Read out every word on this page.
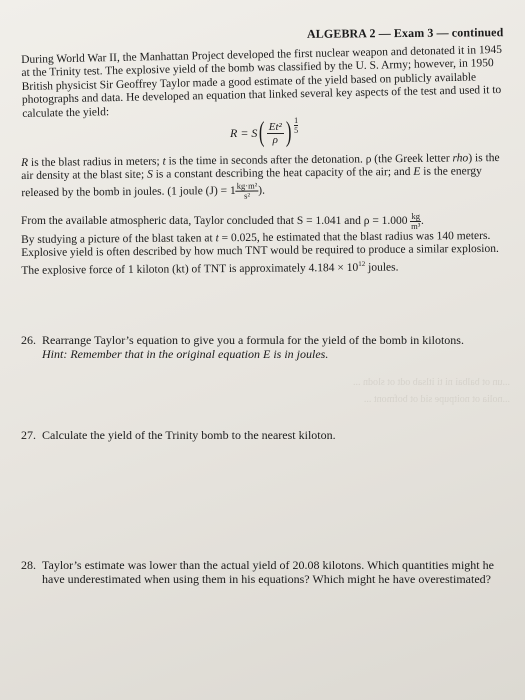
ALGEBRA 2 — Exam 3 — continued
During World War II, the Manhattan Project developed the first nuclear weapon and detonated it in 1945 at the Trinity test. The explosive yield of the bomb was classified by the U. S. Army; however, in 1950 British physicist Sir Geoffrey Taylor made a good estimate of the yield based on publicly available photographs and data. He developed an equation that linked several key aspects of the test and used it to calculate the yield:
R = S ( $\frac{\text{Et²}}{\rho}$ ) $\frac{1}{5}$
R is the blast radius in meters; t is the time in seconds after the detonation. ρ (the Greek letter rho) is the air density at the blast site; S is a constant describing the heat capacity of the air; and E is the energy released by the bomb in joules. (1 joule $(J) = 1 \frac{\text{kg·m²}}{\text{s²}}$ ).
From the available atmospheric data, Taylor concluded that S = 1.041 and $\rho = 1.000 \frac{kg}{\text{m³}}$ .
By studying a picture of the blast taken at t = 0.025, he estimated that the blast radius was 140 meters. Explosive yield is often described by how much TNT would be required to produce a similar explosion. The explosive force of 1 kiloton (kt) of TNT is approximately $4.184 \times 10^{12}$ joules.
26. Rearrange Taylor’s equation to give you a formula for the yield of the bomb in kilotons.
Hint: Remember that in the original equation E is in joules.
...un ot balbai ni ti itlsab odt ot slodn ...
...nolia ot noitpupe sid ot bofmont ...
27. Calculate the yield of the Trinity bomb to the nearest kiloton.
28. Taylor’s estimate was lower than the actual yield of 20.08 kilotons. Which quantities might he have underestimated when using them in his equations? Which might he have overestimated?
